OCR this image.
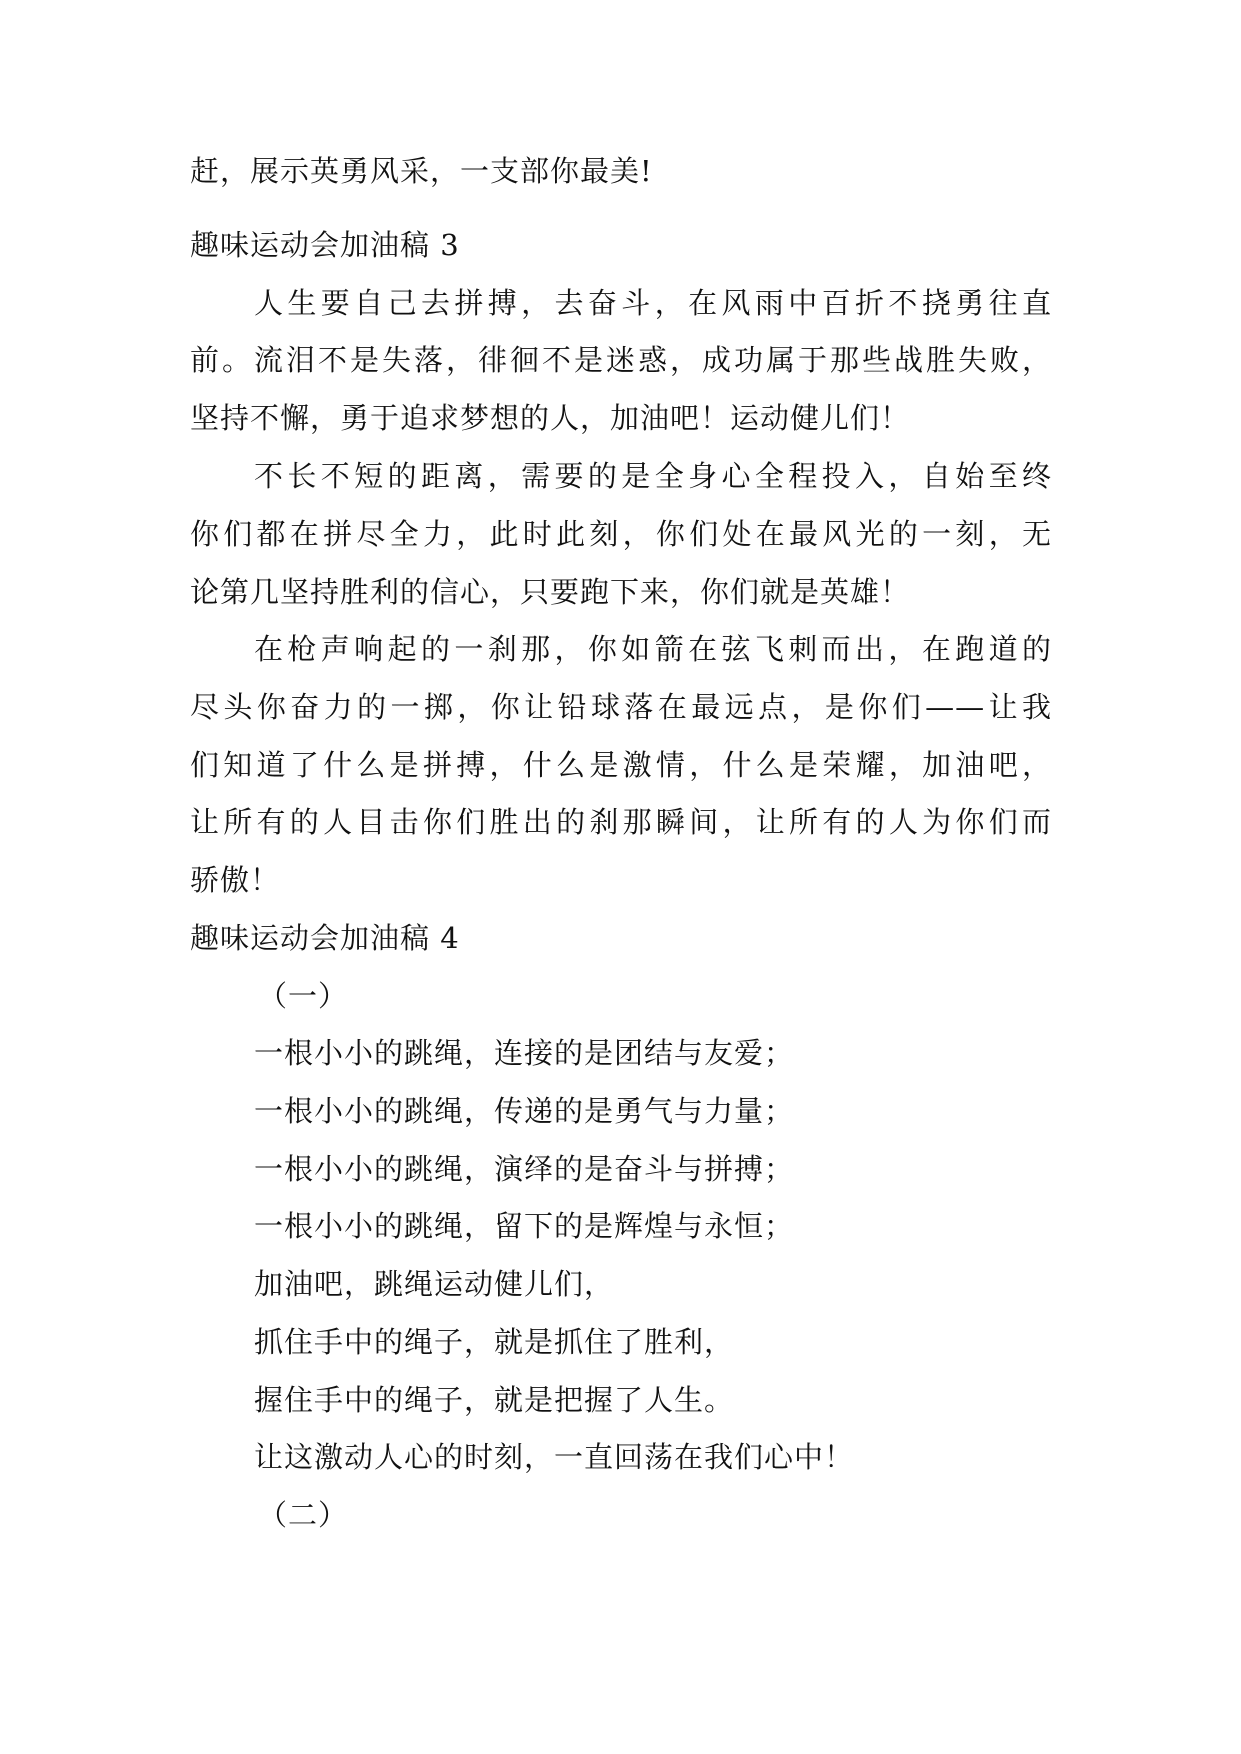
赶，展示英勇风采，一支部你最美!
趣味运动会加油稿 3
人生要自己去拼搏，去奋斗，在风雨中百折不挠勇往直
前。流泪不是失落，徘徊不是迷惑，成功属于那些战胜失败，
坚持不懈，勇于追求梦想的人，加油吧！运动健儿们！
不长不短的距离，需要的是全身心全程投入，自始至终
你们都在拼尽全力，此时此刻，你们处在最风光的一刻，无
论第几坚持胜利的信心，只要跑下来，你们就是英雄！
在枪声响起的一刹那，你如箭在弦飞刺而出，在跑道的
尽头你奋力的一掷，你让铅球落在最远点，是你们——让我
们知道了什么是拼搏，什么是激情，什么是荣耀，加油吧，
让所有的人目击你们胜出的刹那瞬间，让所有的人为你们而
骄傲！
趣味运动会加油稿 4
（一）
一根小小的跳绳，连接的是团结与友爱；
一根小小的跳绳，传递的是勇气与力量；
一根小小的跳绳，演绎的是奋斗与拼搏；
一根小小的跳绳，留下的是辉煌与永恒；
加油吧，跳绳运动健儿们，
抓住手中的绳子，就是抓住了胜利，
握住手中的绳子，就是把握了人生。
让这激动人心的时刻，一直回荡在我们心中！
（二）
